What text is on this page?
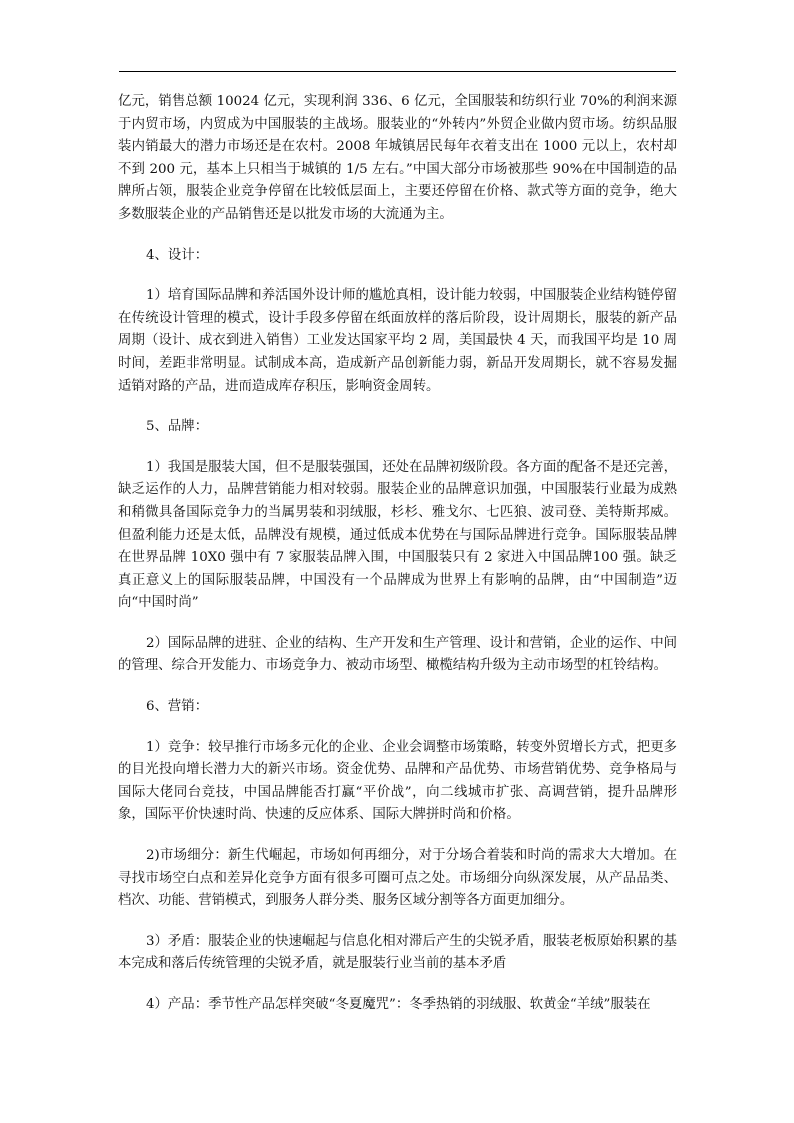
亿元，销售总额 10024 亿元，实现利润 336、6 亿元，全国服装和纺织行业 70%的利润来源于内贸市场，内贸成为中国服装的主战场。服装业的“外转内”外贸企业做内贸市场。纺织品服装内销最大的潜力市场还是在农村。2008 年城镇居民每年衣着支出在 1000 元以上，农村却不到 200 元，基本上只相当于城镇的 1/5 左右。”中国大部分市场被那些 90%在中国制造的品牌所占领，服装企业竞争停留在比较低层面上，主要还停留在价格、款式等方面的竞争，绝大多数服装企业的产品销售还是以批发市场的大流通为主。

4、设计：

1）培育国际品牌和养活国外设计师的尴尬真相，设计能力较弱，中国服装企业结构链停留在传统设计管理的模式，设计手段多停留在纸面放样的落后阶段，设计周期长，服装的新产品周期（设计、成衣到进入销售）工业发达国家平均 2 周，美国最快 4 天，而我国平均是 10 周时间，差距非常明显。试制成本高，造成新产品创新能力弱，新品开发周期长，就不容易发掘适销对路的产品，进而造成库存积压，影响资金周转。

5、品牌：

1）我国是服装大国，但不是服装强国，还处在品牌初级阶段。各方面的配备不是还完善，缺乏运作的人力，品牌营销能力相对较弱。服装企业的品牌意识加强，中国服装行业最为成熟和稍微具备国际竞争力的当属男装和羽绒服，杉杉、雅戈尔、七匹狼、波司登、美特斯邦威。但盈利能力还是太低，品牌没有规模，通过低成本优势在与国际品牌进行竞争。国际服装品牌在世界品牌 10X0 强中有 7 家服装品牌入围，中国服装只有 2 家进入中国品牌100 强。缺乏真正意义上的国际服装品牌，中国没有一个品牌成为世界上有影响的品牌，由“中国制造”迈向“中国时尚”

2）国际品牌的进驻、企业的结构、生产开发和生产管理、设计和营销，企业的运作、中间的管理、综合开发能力、市场竞争力、被动市场型、橄榄结构升级为主动市场型的杠铃结构。

6、营销：

1）竞争：较早推行市场多元化的企业、企业会调整市场策略，转变外贸增长方式，把更多的目光投向增长潜力大的新兴市场。资金优势、品牌和产品优势、市场营销优势、竞争格局与国际大佬同台竞技，中国品牌能否打赢“平价战”，向二线城市扩张、高调营销，提升品牌形象，国际平价快速时尚、快速的反应体系、国际大牌拼时尚和价格。

2)市场细分：新生代崛起，市场如何再细分，对于分场合着装和时尚的需求大大增加。在寻找市场空白点和差异化竞争方面有很多可圈可点之处。市场细分向纵深发展，从产品品类、档次、功能、营销模式，到服务人群分类、服务区域分割等各方面更加细分。

3）矛盾：服装企业的快速崛起与信息化相对滞后产生的尖锐矛盾，服装老板原始积累的基本完成和落后传统管理的尖锐矛盾，就是服装行业当前的基本矛盾

4）产品：季节性产品怎样突破“冬夏魔咒”：冬季热销的羽绒服、软黄金“羊绒”服装在
